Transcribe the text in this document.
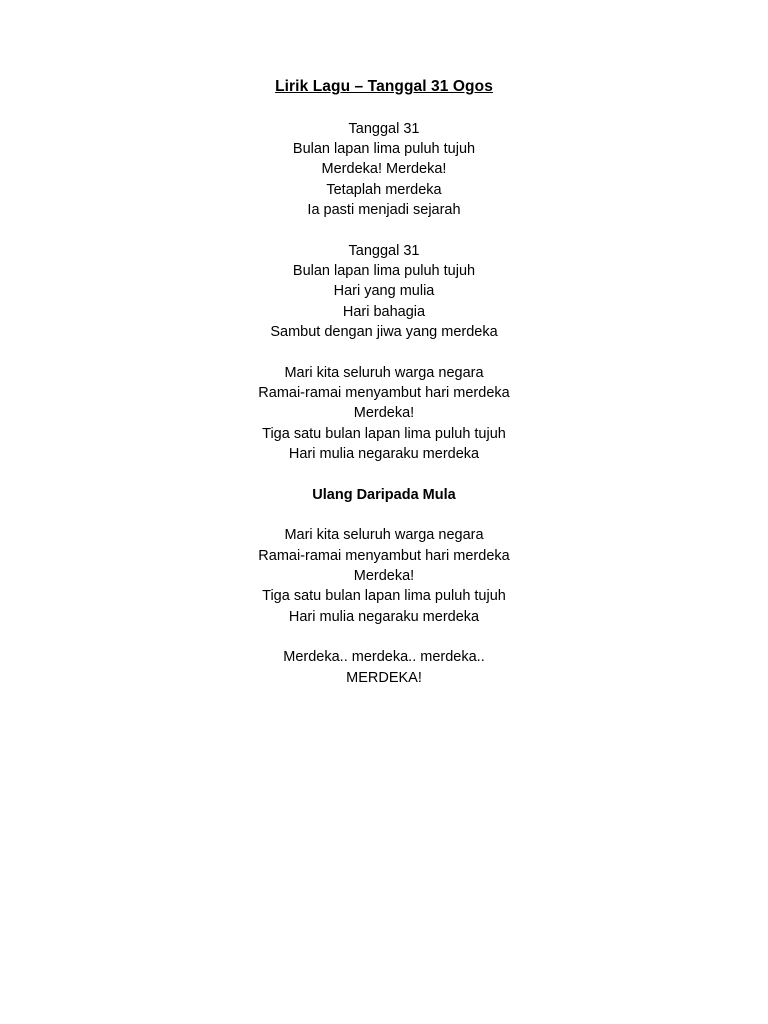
Lirik Lagu – Tanggal 31 Ogos
Tanggal 31
Bulan lapan lima puluh tujuh
Merdeka! Merdeka!
Tetaplah merdeka
Ia pasti menjadi sejarah
Tanggal 31
Bulan lapan lima puluh tujuh
Hari yang mulia
Hari bahagia
Sambut dengan jiwa yang merdeka
Mari kita seluruh warga negara
Ramai-ramai menyambut hari merdeka
Merdeka!
Tiga satu bulan lapan lima puluh tujuh
Hari mulia negaraku merdeka
Ulang Daripada Mula
Mari kita seluruh warga negara
Ramai-ramai menyambut hari merdeka
Merdeka!
Tiga satu bulan lapan lima puluh tujuh
Hari mulia negaraku merdeka
Merdeka.. merdeka.. merdeka..
MERDEKA!
